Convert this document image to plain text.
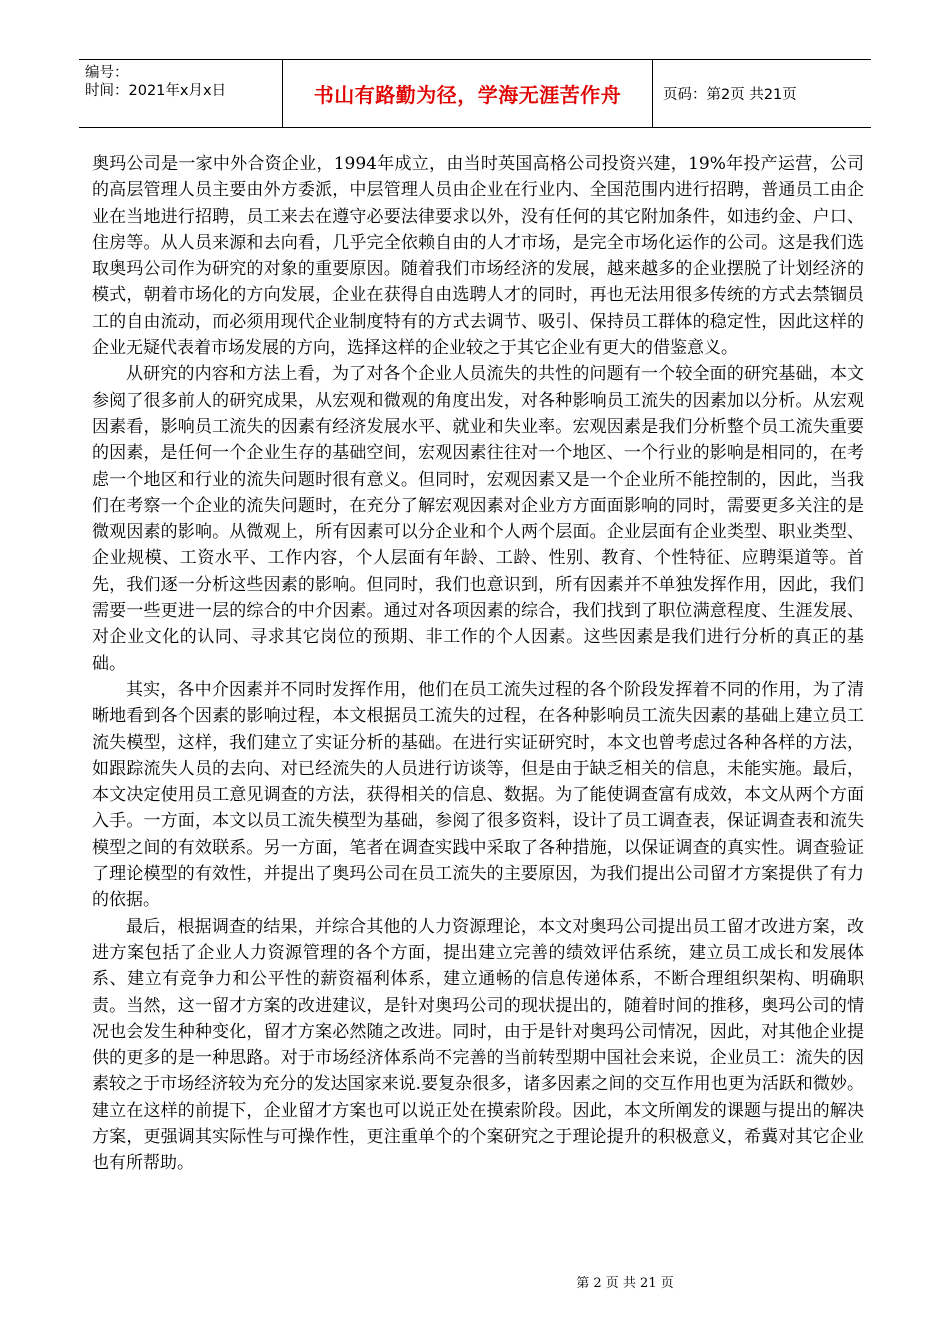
编号：
时间：2021年x月x日	书山有路勤为径，学海无涯苦作舟	页码：第2页 共21页

奥玛公司是一家中外合资企业，1994年成立，由当时英国高格公司投资兴建，19%年投产运营，公司的高层管理人员主要由外方委派，中层管理人员由企业在行业内、全国范围内进行招聘，普通员工由企业在当地进行招聘，员工来去在遵守必要法律要求以外，没有任何的其它附加条件，如违约金、户口、住房等。从人员来源和去向看，几乎完全依赖自由的人才市场，是完全市场化运作的公司。这是我们选取奥玛公司作为研究的对象的重要原因。随着我们市场经济的发展，越来越多的企业摆脱了计划经济的模式，朝着市场化的方向发展，企业在获得自由选聘人才的同时，再也无法用很多传统的方式去禁锢员工的自由流动，而必须用现代企业制度特有的方式去调节、吸引、保持员工群体的稳定性，因此这样的企业无疑代表着市场发展的方向，选择这样的企业较之于其它企业有更大的借鉴意义。

从研究的内容和方法上看，为了对各个企业人员流失的共性的问题有一个较全面的研究基础，本文参阅了很多前人的研究成果，从宏观和微观的角度出发，对各种影响员工流失的因素加以分析。从宏观因素看，影响员工流失的因素有经济发展水平、就业和失业率。宏观因素是我们分析整个员工流失重要的因素，是任何一个企业生存的基础空间，宏观因素往往对一个地区、一个行业的影响是相同的，在考虑一个地区和行业的流失问题时很有意义。但同时，宏观因素又是一个企业所不能控制的，因此，当我们在考察一个企业的流失问题时，在充分了解宏观因素对企业方方面面影响的同时，需要更多关注的是微观因素的影响。从微观上，所有因素可以分企业和个人两个层面。企业层面有企业类型、职业类型、企业规模、工资水平、工作内容，个人层面有年龄、工龄、性别、教育、个性特征、应聘渠道等。首先，我们逐一分析这些因素的影响。但同时，我们也意识到，所有因素并不单独发挥作用，因此，我们需要一些更进一层的综合的中介因素。通过对各项因素的综合，我们找到了职位满意程度、生涯发展、对企业文化的认同、寻求其它岗位的预期、非工作的个人因素。这些因素是我们进行分析的真正的基础。

其实，各中介因素并不同时发挥作用，他们在员工流失过程的各个阶段发挥着不同的作用，为了清晰地看到各个因素的影响过程，本文根据员工流失的过程，在各种影响员工流失因素的基础上建立员工流失模型，这样，我们建立了实证分析的基础。在进行实证研究时，本文也曾考虑过各种各样的方法，如跟踪流失人员的去向、对已经流失的人员进行访谈等，但是由于缺乏相关的信息，未能实施。最后，本文决定使用员工意见调查的方法，获得相关的信息、数据。为了能使调查富有成效，本文从两个方面入手。一方面，本文以员工流失模型为基础，参阅了很多资料，设计了员工调查表，保证调查表和流失模型之间的有效联系。另一方面，笔者在调查实践中采取了各种措施，以保证调查的真实性。调查验证了理论模型的有效性，并提出了奥玛公司在员工流失的主要原因，为我们提出公司留才方案提供了有力的依据。

最后，根据调查的结果，并综合其他的人力资源理论，本文对奥玛公司提出员工留才改进方案，改进方案包括了企业人力资源管理的各个方面，提出建立完善的绩效评估系统，建立员工成长和发展体系、建立有竞争力和公平性的薪资福利体系，建立通畅的信息传递体系，不断合理组织架构、明确职责。当然，这一留才方案的改进建议，是针对奥玛公司的现状提出的，随着时间的推移，奥玛公司的情况也会发生种种变化，留才方案必然随之改进。同时，由于是针对奥玛公司情况，因此，对其他企业提供的更多的是一种思路。对于市场经济体系尚不完善的当前转型期中国社会来说，企业员工：流失的因素较之于市场经济较为充分的发达国家来说.要复杂很多，诸多因素之间的交互作用也更为活跃和微妙。建立在这样的前提下，企业留才方案也可以说正处在摸索阶段。因此，本文所阐发的课题与提出的解决方案，更强调其实际性与可操作性，更注重单个的个案研究之于理论提升的积极意义，希冀对其它企业也有所帮助。

第 2 页 共 21 页
